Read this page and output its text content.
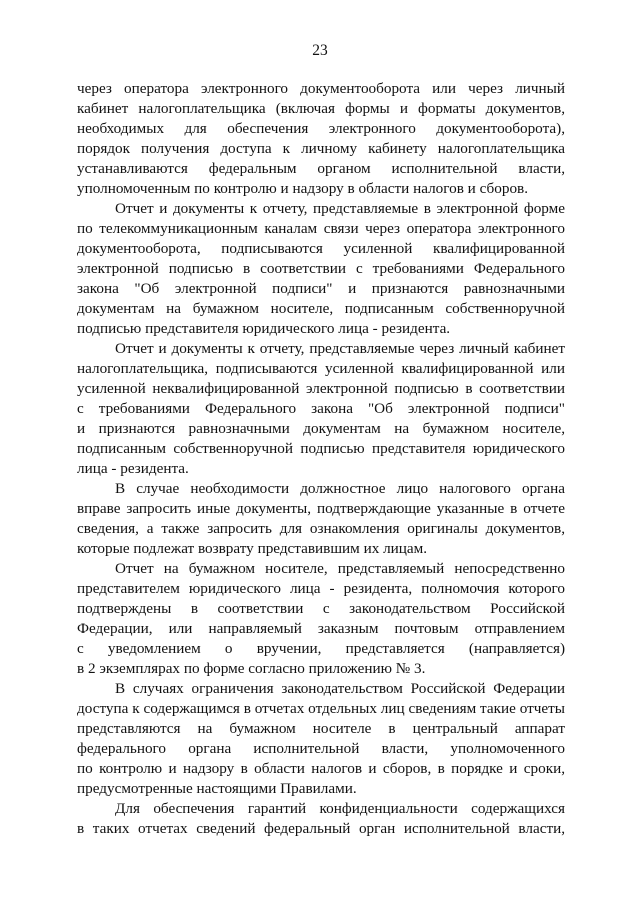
23
через оператора электронного документооборота или через личный
кабинет налогоплательщика (включая формы и форматы документов,
необходимых для обеспечения электронного документооборота),
порядок получения доступа к личному кабинету налогоплательщика
устанавливаются федеральным органом исполнительной власти,
уполномоченным по контролю и надзору в области налогов и сборов.
Отчет и документы к отчету, представляемые в электронной форме
по телекоммуникационным каналам связи через оператора электронного
документооборота, подписываются усиленной квалифицированной
электронной подписью в соответствии с требованиями Федерального
закона "Об электронной подписи" и признаются равнозначными
документам на бумажном носителе, подписанным собственноручной
подписью представителя юридического лица - резидента.
Отчет и документы к отчету, представляемые через личный кабинет
налогоплательщика, подписываются усиленной квалифицированной или
усиленной неквалифицированной электронной подписью в соответствии
с требованиями Федерального закона "Об электронной подписи"
и признаются равнозначными документам на бумажном носителе,
подписанным собственноручной подписью представителя юридического
лица - резидента.
В случае необходимости должностное лицо налогового органа
вправе запросить иные документы, подтверждающие указанные в отчете
сведения, а также запросить для ознакомления оригиналы документов,
которые подлежат возврату представившим их лицам.
Отчет на бумажном носителе, представляемый непосредственно
представителем юридического лица - резидента, полномочия которого
подтверждены в соответствии с законодательством Российской
Федерации, или направляемый заказным почтовым отправлением
с уведомлением о вручении, представляется (направляется)
в 2 экземплярах по форме согласно приложению № 3.
В случаях ограничения законодательством Российской Федерации
доступа к содержащимся в отчетах отдельных лиц сведениям такие отчеты
представляются на бумажном носителе в центральный аппарат
федерального органа исполнительной власти, уполномоченного
по контролю и надзору в области налогов и сборов, в порядке и сроки,
предусмотренные настоящими Правилами.
Для обеспечения гарантий конфиденциальности содержащихся
в таких отчетах сведений федеральный орган исполнительной власти,
